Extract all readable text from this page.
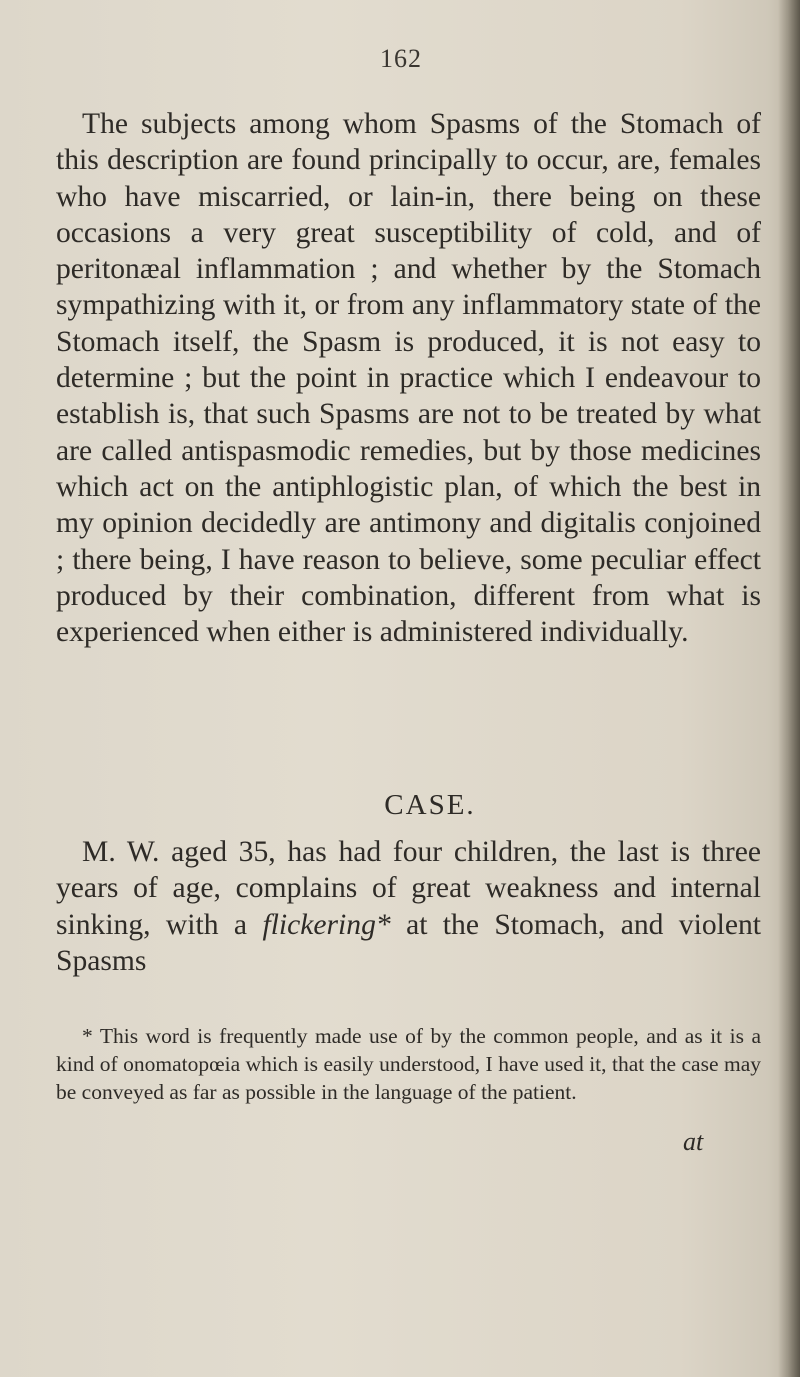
162

The subjects among whom Spasms of the Stomach of this description are found principally to occur, are, females who have miscarried, or lain-in, there being on these occasions a very great susceptibility of cold, and of peritonæal inflammation ; and whether by the Stomach sympathizing with it, or from any inflammatory state of the Stomach itself, the Spasm is produced, it is not easy to determine ; but the point in practice which I endeavour to establish is, that such Spasms are not to be treated by what are called antispasmodic remedies, but by those medicines which act on the antiphlogistic plan, of which the best in my opinion decidedly are antimony and digitalis conjoined ; there being, I have reason to believe, some peculiar effect produced by their combination, different from what is experienced when either is administered individually.

CASE.

M. W. aged 35, has had four children, the last is three years of age, complains of great weakness and internal sinking, with a flickering* at the Stomach, and violent Spasms

* This word is frequently made use of by the common people, and as it is a kind of onomatopœia which is easily understood, I have used it, that the case may be conveyed as far as possible in the language of the patient.

at
